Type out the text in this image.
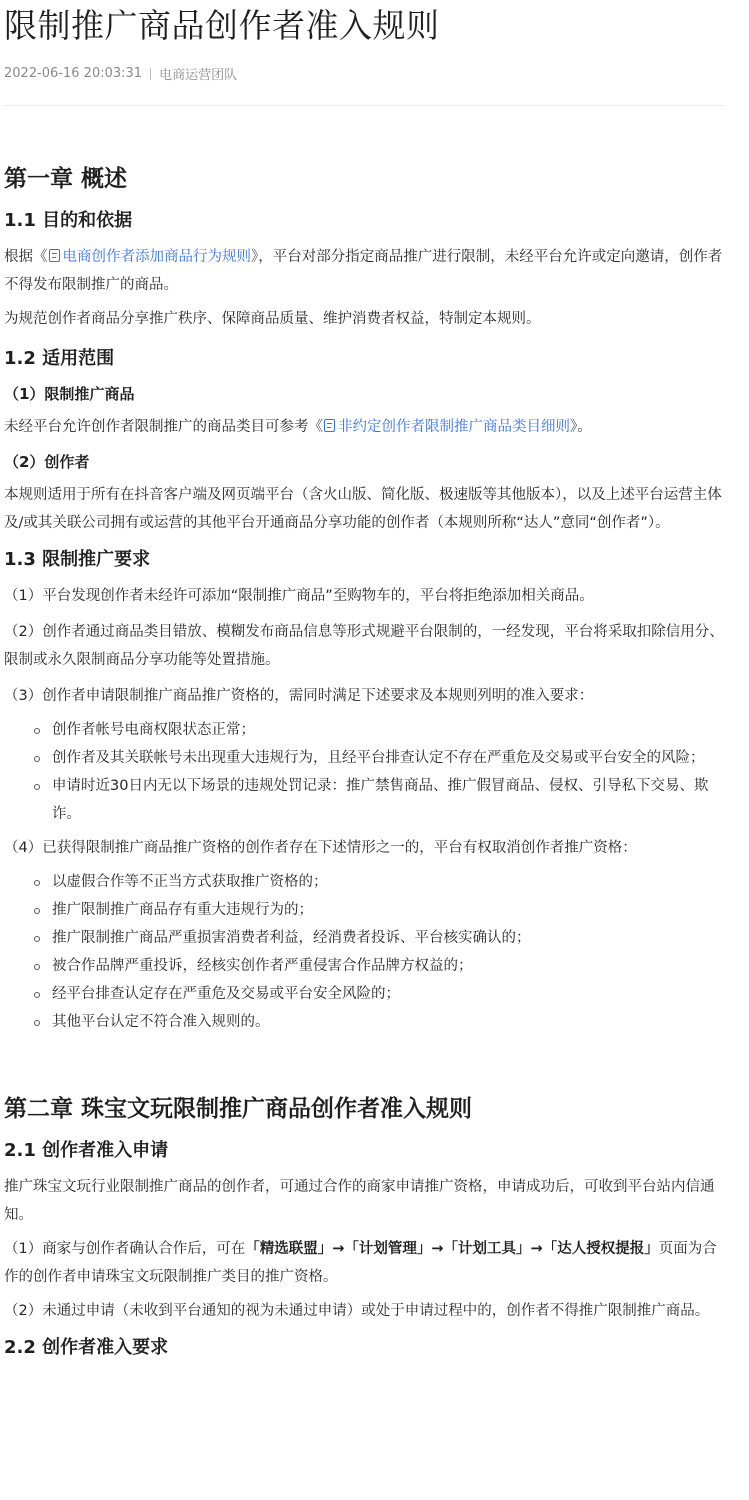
限制推广商品创作者准入规则
2022-06-16 20:03:31 电商运营团队
第一章 概述
1.1 目的和依据

根据《 电商创作者添加商品行为规则》，平台对部分指定商品推广进行限制，未经平台允许或定向邀请，创作者不得发布限制推广的商品。

为规范创作者商品分享推广秩序、保障商品质量、维护消费者权益，特制定本规则。

1.2 适用范围
（1）限制推广商品

未经平台允许创作者限制推广的商品类目可参考《 非约定创作者限制推广商品类目细则》。

（2）创作者

本规则适用于所有在抖音客户端及网页端平台（含火山版、简化版、极速版等其他版本），以及上述平台运营主体及/或其关联公司拥有或运营的其他平台开通商品分享功能的创作者（本规则所称“达人”意同“创作者”）。

1.3 限制推广要求

（1）平台发现创作者未经许可添加“限制推广商品”至购物车的，平台将拒绝添加相关商品。

（2）创作者通过商品类目错放、模糊发布商品信息等形式规避平台限制的，一经发现，平台将采取扣除信用分、限制或永久限制商品分享功能等处置措施。

（3）创作者申请限制推广商品推广资格的，需同时满足下述要求及本规则列明的准入要求：

创作者帐号电商权限状态正常；
创作者及其关联帐号未出现重大违规行为，且经平台排查认定不存在严重危及交易或平台安全的风险；
申请时近30日内无以下场景的违规处罚记录：推广禁售商品、推广假冒商品、侵权、引导私下交易、欺诈。

（4）已获得限制推广商品推广资格的创作者存在下述情形之一的，平台有权取消创作者推广资格：

以虚假合作等不正当方式获取推广资格的；
推广限制推广商品存有重大违规行为的；
推广限制推广商品严重损害消费者利益，经消费者投诉、平台核实确认的；
被合作品牌严重投诉，经核实创作者严重侵害合作品牌方权益的；
经平台排查认定存在严重危及交易或平台安全风险的；
其他平台认定不符合准入规则的。
第二章 珠宝文玩限制推广商品创作者准入规则
2.1 创作者准入申请

推广珠宝文玩行业限制推广商品的创作者，可通过合作的商家申请推广资格，申请成功后，可收到平台站内信通知。

（1）商家与创作者确认合作后，可在「精选联盟」→「计划管理」→「计划工具」→「达人授权提报」页面为合作的创作者申请珠宝文玩限制推广类目的推广资格。

（2）未通过申请（未收到平台通知的视为未通过申请）或处于申请过程中的，创作者不得推广限制推广商品。

2.2 创作者准入要求
